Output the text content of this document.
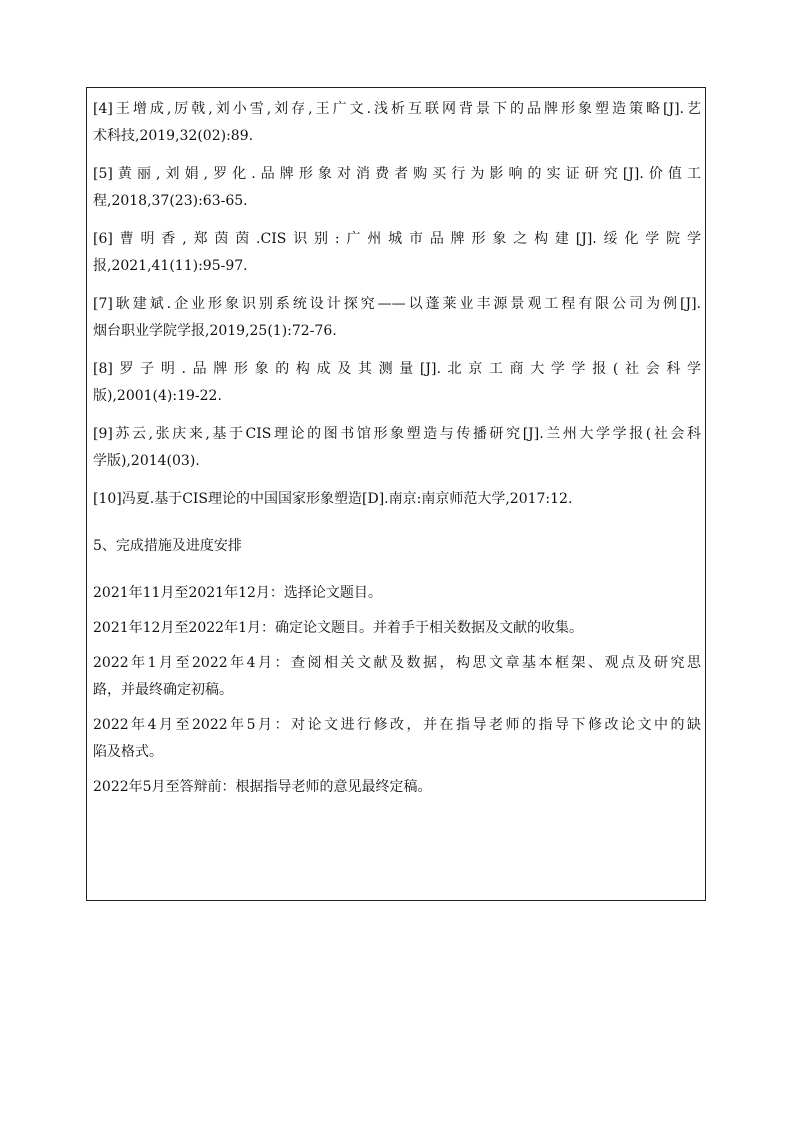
[4]王增成,厉戟,刘小雪,刘存,王广文.浅析互联网背景下的品牌形象塑造策略[J].艺
术科技,2019,32(02):89.
[5]黄丽,刘娟,罗化.品牌形象对消费者购买行为影响的实证研究[J].价值工
程,2018,37(23):63-65.
[6]曹明香,郑茵茵.CIS识别:广州城市品牌形象之构建[J].绥化学院学
报,2021,41(11):95-97.
[7]耿建斌.企业形象识别系统设计探究——以蓬莱业丰源景观工程有限公司为例[J].
烟台职业学院学报,2019,25(1):72-76.
[8]罗子明.品牌形象的构成及其测量[J].北京工商大学学报(社会科学
版),2001(4):19-22.
[9]苏云,张庆来,基于CIS理论的图书馆形象塑造与传播研究[J].兰州大学学报(社会科
学版),2014(03).
[10]冯夏.基于CIS理论的中国国家形象塑造[D].南京:南京师范大学,2017:12.
5、完成措施及进度安排
2021年11月至2021年12月：选择论文题目。
2021年12月至2022年1月：确定论文题目。并着手于相关数据及文献的收集。
2022年1月至2022年4月：查阅相关文献及数据，构思文章基本框架、观点及研究思
路，并最终确定初稿。
2022年4月至2022年5月：对论文进行修改，并在指导老师的指导下修改论文中的缺
陷及格式。
2022年5月至答辩前：根据指导老师的意见最终定稿。
